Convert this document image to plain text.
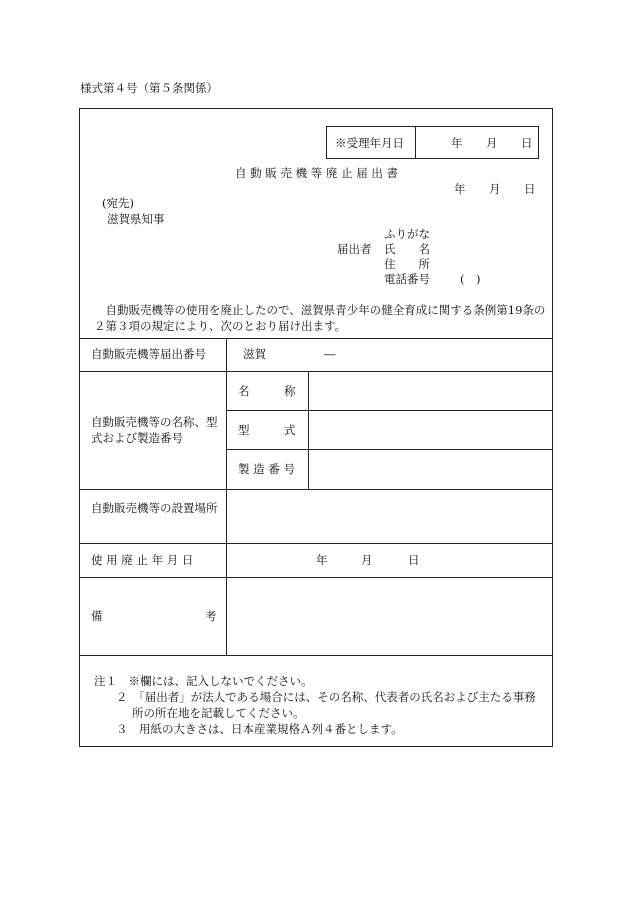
様式第４号（第５条関係）
※受理年月日	年 月 日
自 動 販 売 機 等 廃 止 届 出 書
年 月 日
(宛先)
滋賀県知事
ふりがな
届出者 氏　　名
住　　所
電話番号	(　)
　自動販売機等の使用を廃止したので、滋賀県青少年の健全育成に関する条例第19条の２第３項の規定により、次のとおり届け出ます。
自動販売機等届出番号	滋賀	―
自動販売機等の名称、型式および製造番号
名　　　称
型　　　式
製 造 番 号
自動販売機等の設置場所
使 用 廃 止 年 月 日	年	月	日
備	考
注１　※欄には、記入しないでください。
２　「届出者」が法人である場合には、その名称、代表者の氏名および主たる事務
所の所在地を記載してください。
３　用紙の大きさは、日本産業規格Ａ列４番とします。
